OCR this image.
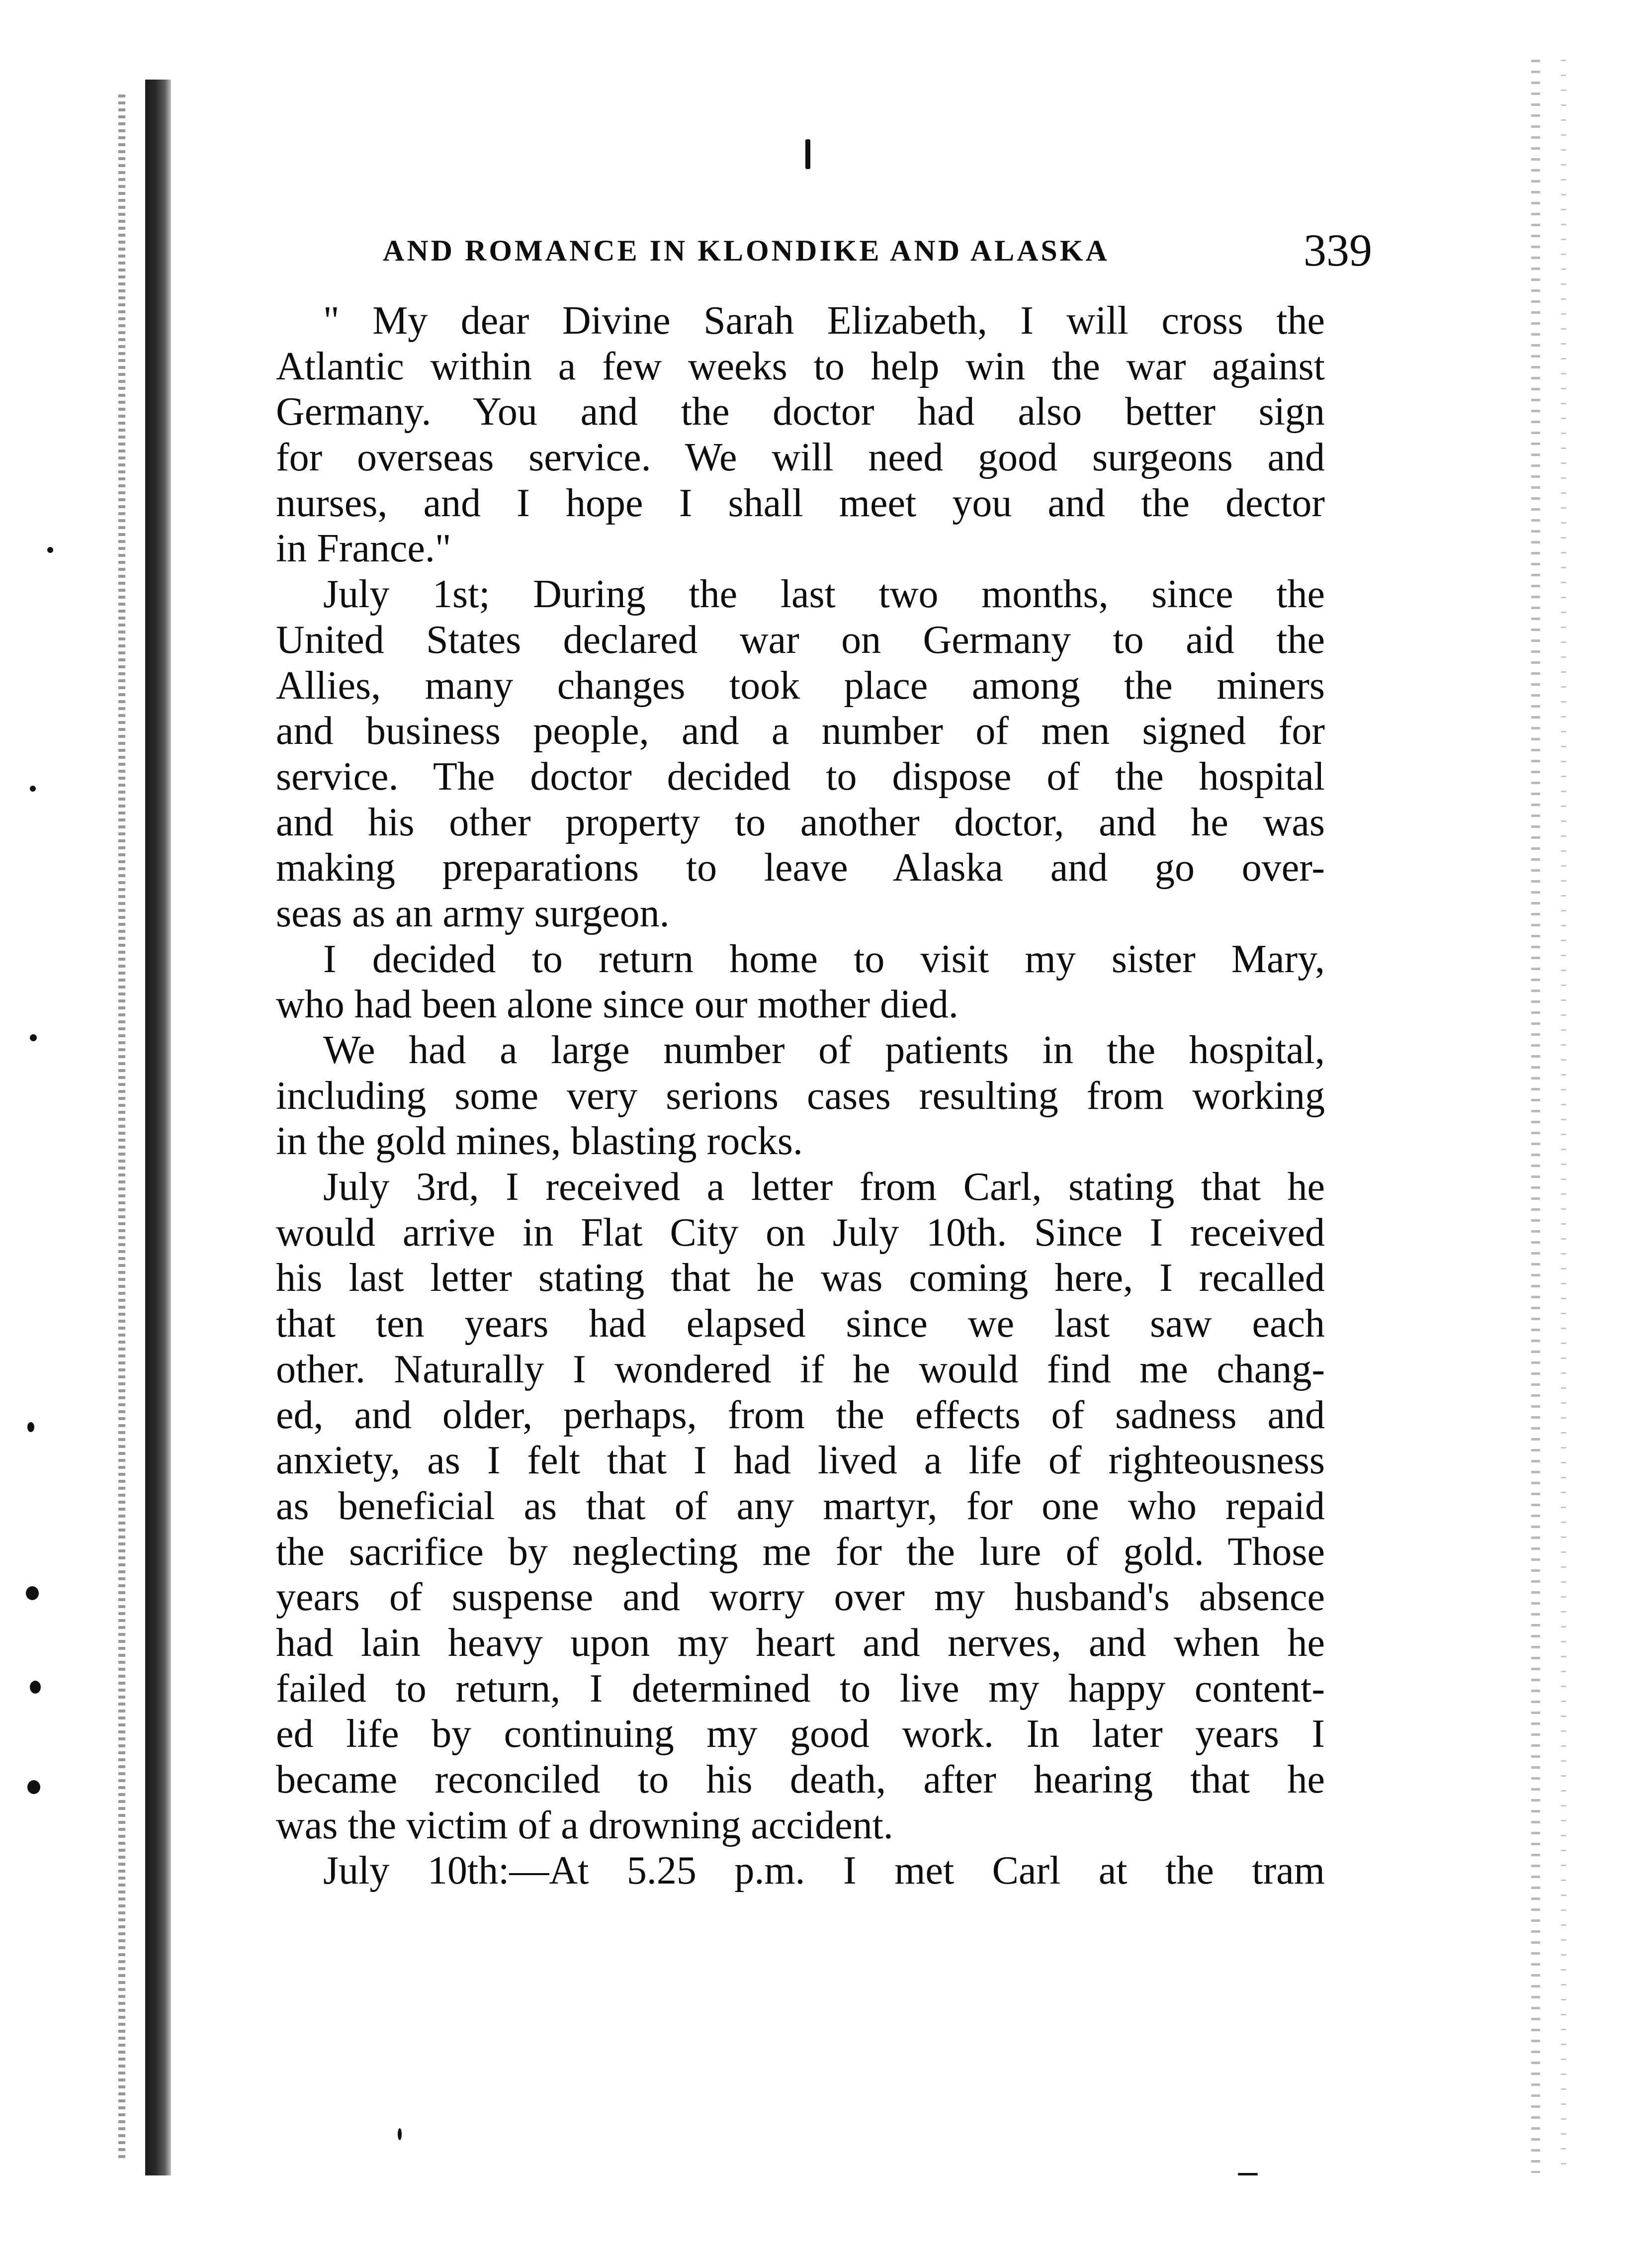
AND ROMANCE IN KLONDIKE AND ALASKA	339
" My dear Divine Sarah Elizabeth, I will cross the
Atlantic within a few weeks to help win the war against
Germany. You and the doctor had also better sign
for overseas service. We will need good surgeons and
nurses, and I hope I shall meet you and the dector
in France."
July 1st; During the last two months, since the
United States declared war on Germany to aid the
Allies, many changes took place among the miners
and business people, and a number of men signed for
service. The doctor decided to dispose of the hospital
and his other property to another doctor, and he was
making preparations to leave Alaska and go over-
seas as an army surgeon.
I decided to return home to visit my sister Mary,
who had been alone since our mother died.
We had a large number of patients in the hospital,
including some very serions cases resulting from working
in the gold mines, blasting rocks.
July 3rd, I received a letter from Carl, stating that he
would arrive in Flat City on July 10th. Since I received
his last letter stating that he was coming here, I recalled
that ten years had elapsed since we last saw each
other. Naturally I wondered if he would find me chang-
ed, and older, perhaps, from the effects of sadness and
anxiety, as I felt that I had lived a life of righteousness
as beneficial as that of any martyr, for one who repaid
the sacrifice by neglecting me for the lure of gold. Those
years of suspense and worry over my husband's absence
had lain heavy upon my heart and nerves, and when he
failed to return, I determined to live my happy content-
ed life by continuing my good work. In later years I
became reconciled to his death, after hearing that he
was the victim of a drowning accident.
July 10th:—At 5.25 p.m. I met Carl at the tram
